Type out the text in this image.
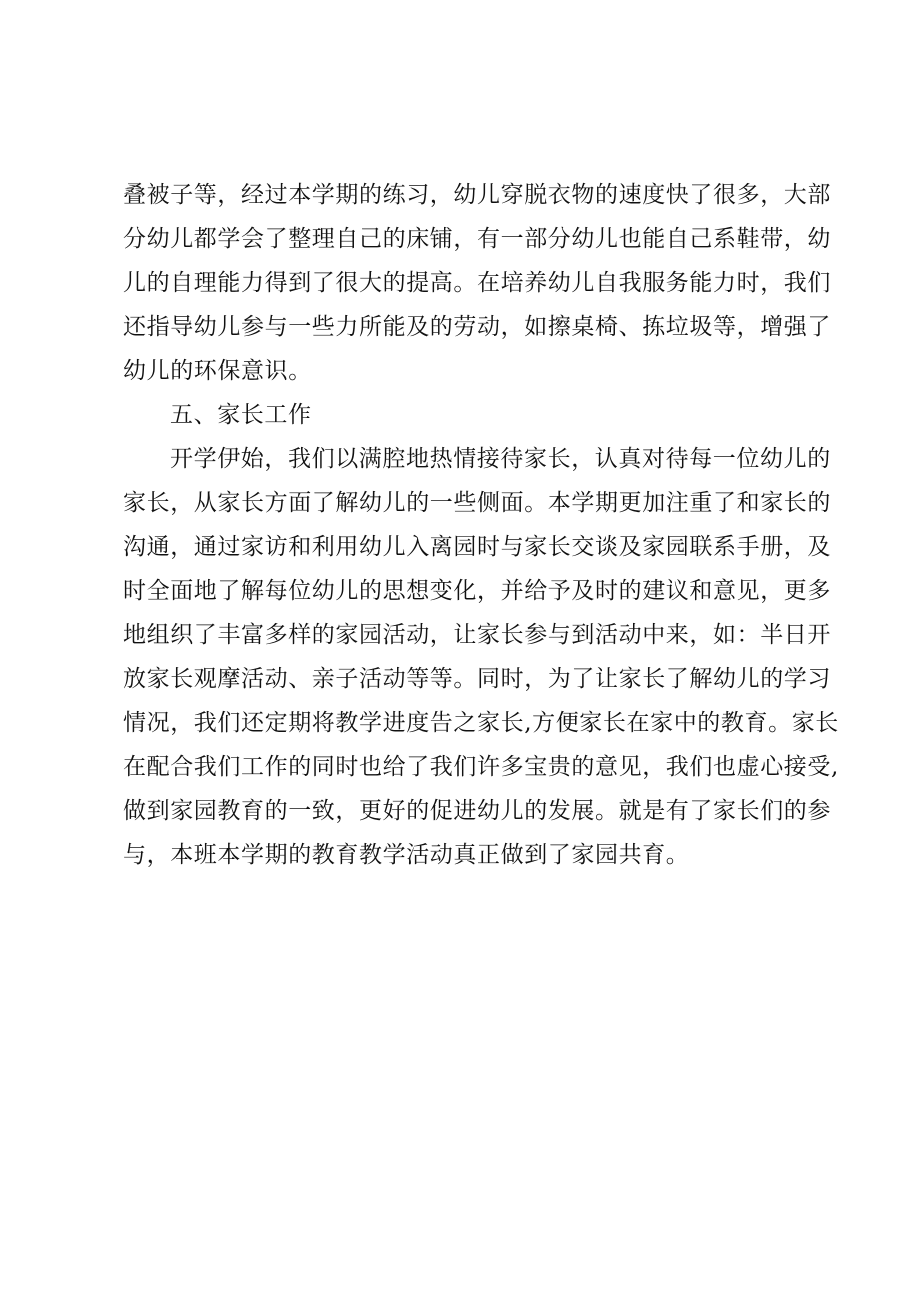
叠被子等，经过本学期的练习，幼儿穿脱衣物的速度快了很多，大部
分幼儿都学会了整理自己的床铺，有一部分幼儿也能自己系鞋带，幼
儿的自理能力得到了很大的提高。在培养幼儿自我服务能力时，我们
还指导幼儿参与一些力所能及的劳动，如擦桌椅、拣垃圾等，增强了
幼儿的环保意识。
五、家长工作
开学伊始，我们以满腔地热情接待家长，认真对待每一位幼儿的
家长，从家长方面了解幼儿的一些侧面。本学期更加注重了和家长的
沟通，通过家访和利用幼儿入离园时与家长交谈及家园联系手册，及
时全面地了解每位幼儿的思想变化，并给予及时的建议和意见，更多
地组织了丰富多样的家园活动，让家长参与到活动中来，如：半日开
放家长观摩活动、亲子活动等等。同时，为了让家长了解幼儿的学习
情况，我们还定期将教学进度告之家长,方便家长在家中的教育。家长
在配合我们工作的同时也给了我们许多宝贵的意见，我们也虚心接受,
做到家园教育的一致，更好的促进幼儿的发展。就是有了家长们的参
与，本班本学期的教育教学活动真正做到了家园共育。
